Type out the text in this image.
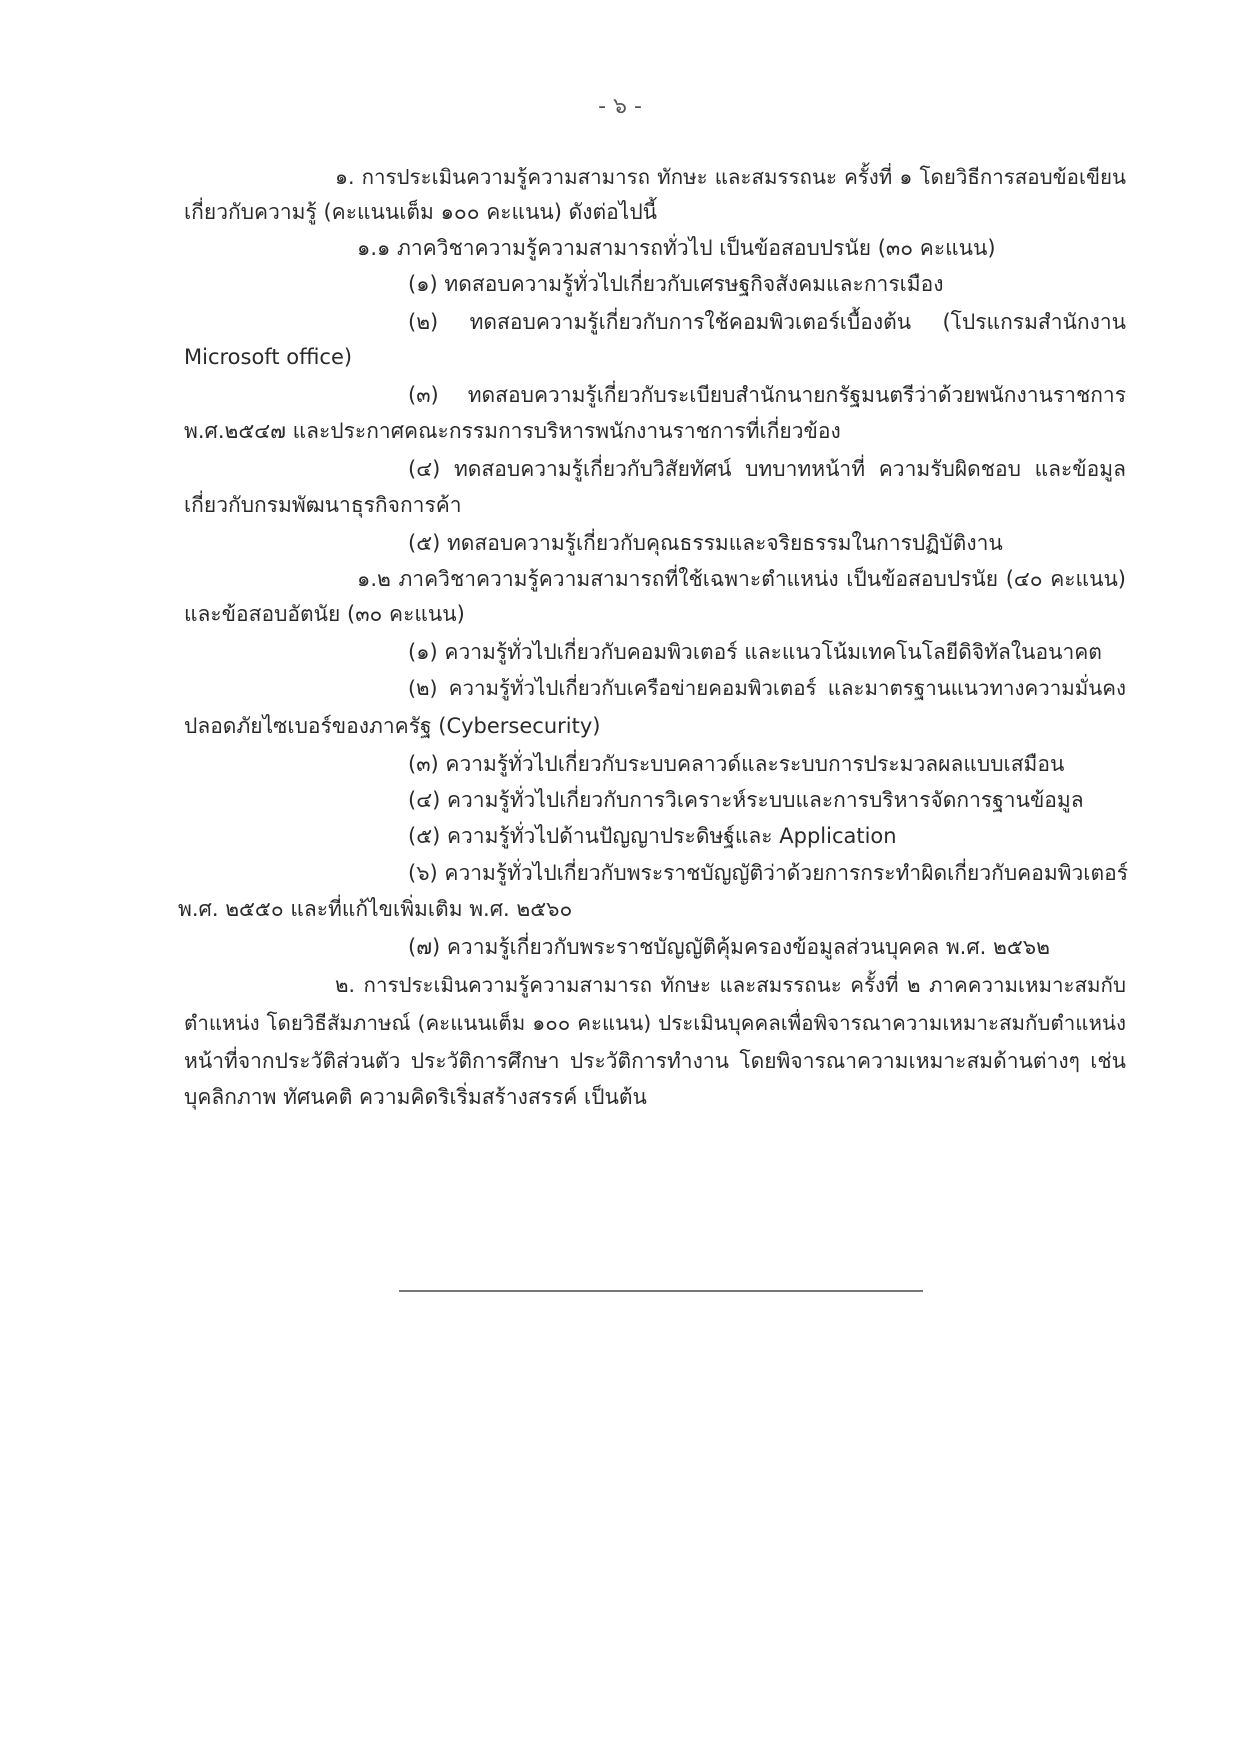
- ๖ -
๑. การประเมินความรู้ความสามารถ ทักษะ และสมรรถนะ ครั้งที่ ๑ โดยวิธีการสอบข้อเขียน
เกี่ยวกับความรู้ (คะแนนเต็ม ๑๐๐ คะแนน) ดังต่อไปนี้
๑.๑ ภาควิชาความรู้ความสามารถทั่วไป เป็นข้อสอบปรนัย (๓๐ คะแนน)
(๑) ทดสอบความรู้ทั่วไปเกี่ยวกับเศรษฐกิจสังคมและการเมือง
(๒) ทดสอบความรู้เกี่ยวกับการใช้คอมพิวเตอร์เบื้องต้น (โปรแกรมสำนักงาน
Microsoft office)
(๓) ทดสอบความรู้เกี่ยวกับระเบียบสำนักนายกรัฐมนตรีว่าด้วยพนักงานราชการ
พ.ศ.๒๕๔๗ และประกาศคณะกรรมการบริหารพนักงานราชการที่เกี่ยวข้อง
(๔) ทดสอบความรู้เกี่ยวกับวิสัยทัศน์ บทบาทหน้าที่ ความรับผิดชอบ และข้อมูล
เกี่ยวกับกรมพัฒนาธุรกิจการค้า
(๕) ทดสอบความรู้เกี่ยวกับคุณธรรมและจริยธรรมในการปฏิบัติงาน
๑.๒ ภาควิชาความรู้ความสามารถที่ใช้เฉพาะตำแหน่ง เป็นข้อสอบปรนัย (๔๐ คะแนน)
และข้อสอบอัตนัย (๓๐ คะแนน)
(๑) ความรู้ทั่วไปเกี่ยวกับคอมพิวเตอร์ และแนวโน้มเทคโนโลยีดิจิทัลในอนาคต
(๒) ความรู้ทั่วไปเกี่ยวกับเครือข่ายคอมพิวเตอร์ และมาตรฐานแนวทางความมั่นคง
ปลอดภัยไซเบอร์ของภาครัฐ (Cybersecurity)
(๓) ความรู้ทั่วไปเกี่ยวกับระบบคลาวด์และระบบการประมวลผลแบบเสมือน
(๔) ความรู้ทั่วไปเกี่ยวกับการวิเคราะห์ระบบและการบริหารจัดการฐานข้อมูล
(๕) ความรู้ทั่วไปด้านปัญญาประดิษฐ์และ Application
(๖) ความรู้ทั่วไปเกี่ยวกับพระราชบัญญัติว่าด้วยการกระทำผิดเกี่ยวกับคอมพิวเตอร์
พ.ศ. ๒๕๕๐ และที่แก้ไขเพิ่มเติม พ.ศ. ๒๕๖๐
(๗) ความรู้เกี่ยวกับพระราชบัญญัติคุ้มครองข้อมูลส่วนบุคคล พ.ศ. ๒๕๖๒
๒. การประเมินความรู้ความสามารถ ทักษะ และสมรรถนะ ครั้งที่ ๒ ภาคความเหมาะสมกับ
ตำแหน่ง โดยวิธีสัมภาษณ์ (คะแนนเต็ม ๑๐๐ คะแนน) ประเมินบุคคลเพื่อพิจารณาความเหมาะสมกับตำแหน่ง
หน้าที่จากประวัติส่วนตัว ประวัติการศึกษา ประวัติการทำงาน โดยพิจารณาความเหมาะสมด้านต่างๆ เช่น
บุคลิกภาพ ทัศนคติ ความคิดริเริ่มสร้างสรรค์ เป็นต้น
